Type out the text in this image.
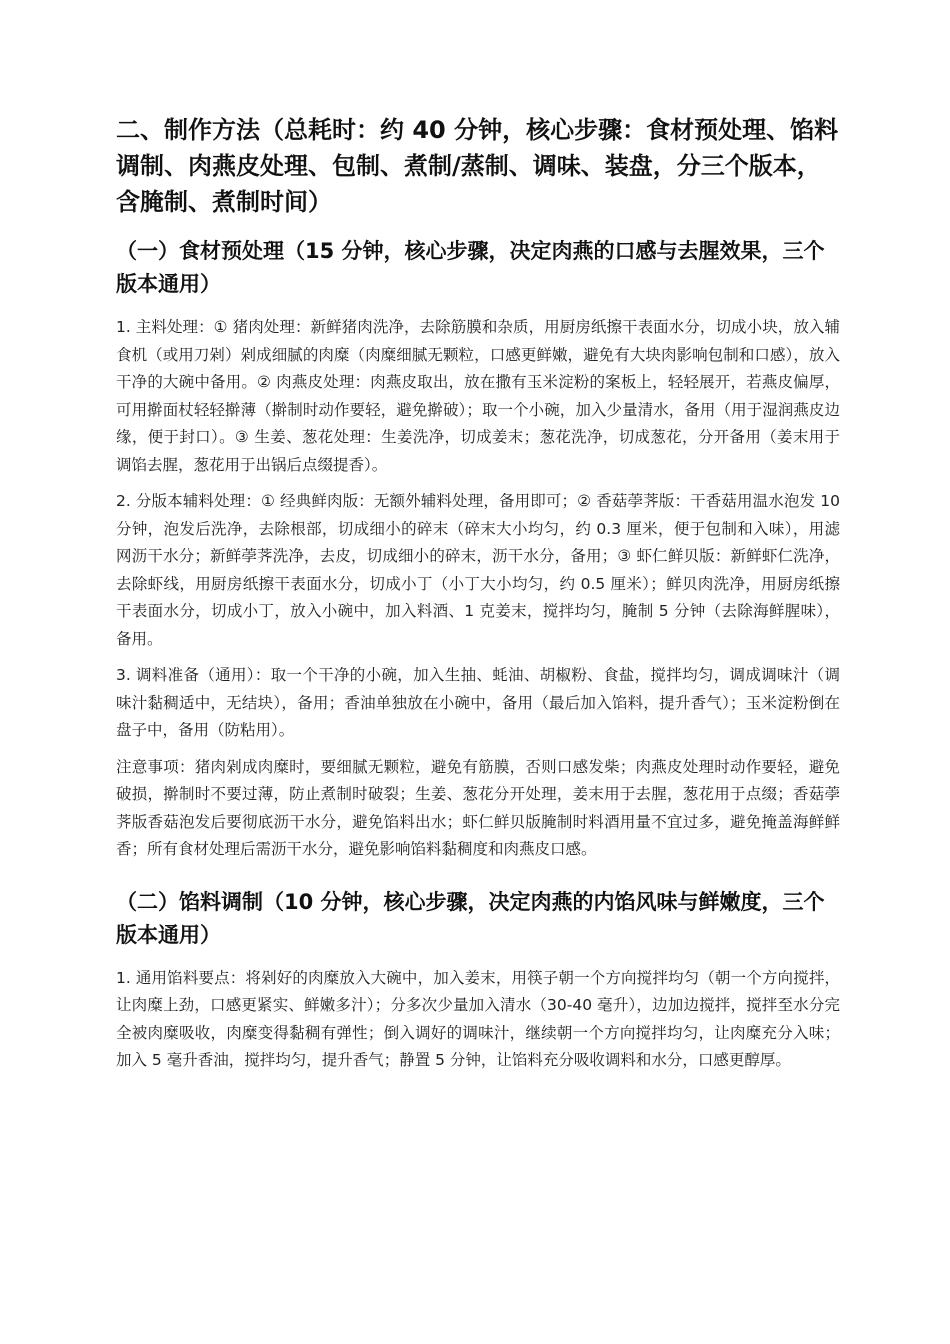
二、制作方法（总耗时：约 40 分钟，核心步骤：食材预处理、馅料调制、肉燕皮处理、包制、煮制/蒸制、调味、装盘，分三个版本，含腌制、煮制时间）
（一）食材预处理（15 分钟，核心步骤，决定肉燕的口感与去腥效果，三个版本通用）

1. 主料处理：① 猪肉处理：新鲜猪肉洗净，去除筋膜和杂质，用厨房纸擦干表面水分，切成小块，放入辅食机（或用刀剁）剁成细腻的肉糜（肉糜细腻无颗粒，口感更鲜嫩，避免有大块肉影响包制和口感），放入干净的大碗中备用。② 肉燕皮处理：肉燕皮取出，放在撒有玉米淀粉的案板上，轻轻展开，若燕皮偏厚，可用擀面杖轻轻擀薄（擀制时动作要轻，避免擀破）；取一个小碗，加入少量清水，备用（用于湿润燕皮边缘，便于封口）。③ 生姜、葱花处理：生姜洗净，切成姜末；葱花洗净，切成葱花，分开备用（姜末用于调馅去腥，葱花用于出锅后点缀提香）。

2. 分版本辅料处理：① 经典鲜肉版：无额外辅料处理，备用即可；② 香菇荸荠版：干香菇用温水泡发 10 分钟，泡发后洗净，去除根部，切成细小的碎末（碎末大小均匀，约 0.3 厘米，便于包制和入味），用滤网沥干水分；新鲜荸荠洗净，去皮，切成细小的碎末，沥干水分，备用；③ 虾仁鲜贝版：新鲜虾仁洗净，去除虾线，用厨房纸擦干表面水分，切成小丁（小丁大小均匀，约 0.5 厘米）；鲜贝肉洗净，用厨房纸擦干表面水分，切成小丁，放入小碗中，加入料酒、1 克姜末，搅拌均匀，腌制 5 分钟（去除海鲜腥味），备用。

3. 调料准备（通用）：取一个干净的小碗，加入生抽、蚝油、胡椒粉、食盐，搅拌均匀，调成调味汁（调味汁黏稠适中，无结块），备用；香油单独放在小碗中，备用（最后加入馅料，提升香气）；玉米淀粉倒在盘子中，备用（防粘用）。

注意事项：猪肉剁成肉糜时，要细腻无颗粒，避免有筋膜，否则口感发柴；肉燕皮处理时动作要轻，避免破损，擀制时不要过薄，防止煮制时破裂；生姜、葱花分开处理，姜末用于去腥，葱花用于点缀；香菇荸荠版香菇泡发后要彻底沥干水分，避免馅料出水；虾仁鲜贝版腌制时料酒用量不宜过多，避免掩盖海鲜鲜香；所有食材处理后需沥干水分，避免影响馅料黏稠度和肉燕皮口感。

（二）馅料调制（10 分钟，核心步骤，决定肉燕的内馅风味与鲜嫩度，三个版本通用）

1. 通用馅料要点：将剁好的肉糜放入大碗中，加入姜末，用筷子朝一个方向搅拌均匀（朝一个方向搅拌，让肉糜上劲，口感更紧实、鲜嫩多汁）；分多次少量加入清水（30-40 毫升），边加边搅拌，搅拌至水分完全被肉糜吸收，肉糜变得黏稠有弹性；倒入调好的调味汁，继续朝一个方向搅拌均匀，让肉糜充分入味；加入 5 毫升香油，搅拌均匀，提升香气；静置 5 分钟，让馅料充分吸收调料和水分，口感更醇厚。
